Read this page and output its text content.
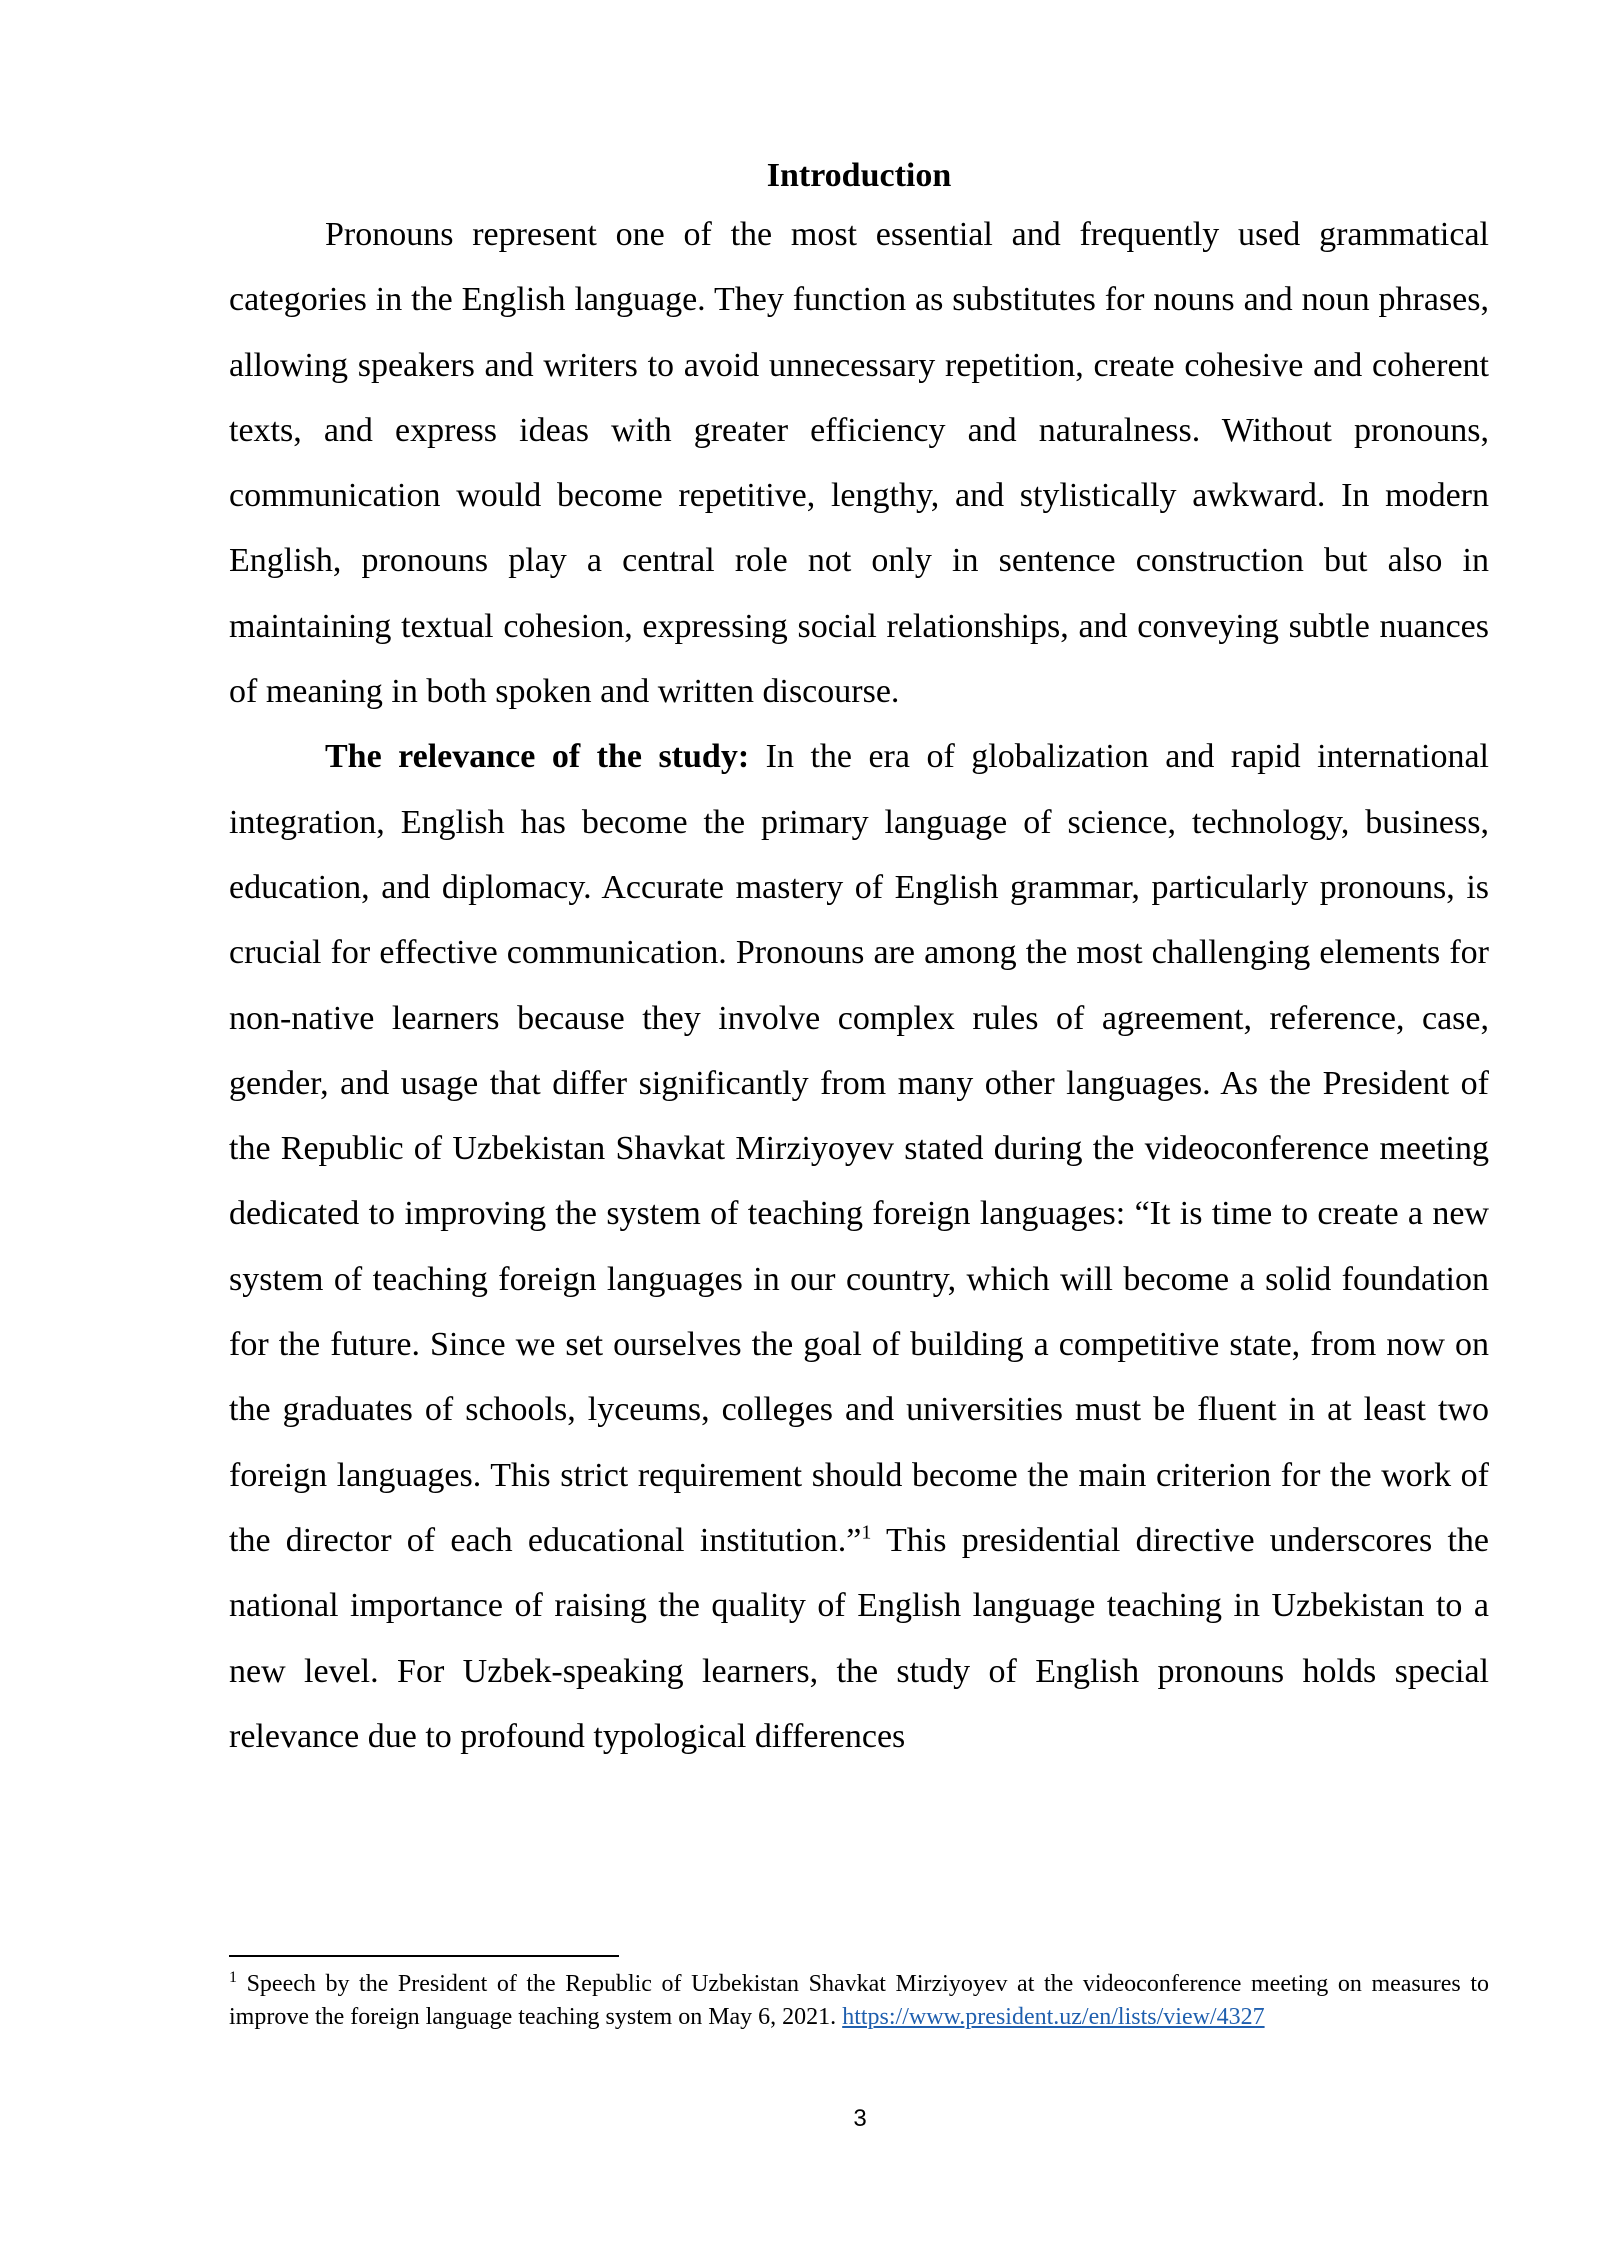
Introduction

Pronouns represent one of the most essential and frequently used grammatical categories in the English language. They function as substitutes for nouns and noun phrases, allowing speakers and writers to avoid unnecessary repetition, create cohesive and coherent texts, and express ideas with greater efficiency and naturalness. Without pronouns, communication would become repetitive, lengthy, and stylistically awkward. In modern English, pronouns play a central role not only in sentence construction but also in maintaining textual cohesion, expressing social relationships, and conveying subtle nuances of meaning in both spoken and written discourse.

The relevance of the study: In the era of globalization and rapid international integration, English has become the primary language of science, technology, business, education, and diplomacy. Accurate mastery of English grammar, particularly pronouns, is crucial for effective communication. Pronouns are among the most challenging elements for non-native learners because they involve complex rules of agreement, reference, case, gender, and usage that differ significantly from many other languages. As the President of the Republic of Uzbekistan Shavkat Mirziyoyev stated during the videoconference meeting dedicated to improving the system of teaching foreign languages: “It is time to create a new system of teaching foreign languages in our country, which will become a solid foundation for the future. Since we set ourselves the goal of building a competitive state, from now on the graduates of schools, lyceums, colleges and universities must be fluent in at least two foreign languages. This strict requirement should become the main criterion for the work of the director of each educational institution.”$^1$ This presidential directive underscores the national importance of raising the quality of English language teaching in Uzbekistan to a new level. For Uzbek-speaking learners, the study of English pronouns holds special relevance due to profound typological differences

$^1$ Speech by the President of the Republic of Uzbekistan Shavkat Mirziyoyev at the videoconference meeting on measures to improve the foreign language teaching system on May 6, 2021. https://www.president.uz/en/lists/view/4327

3
